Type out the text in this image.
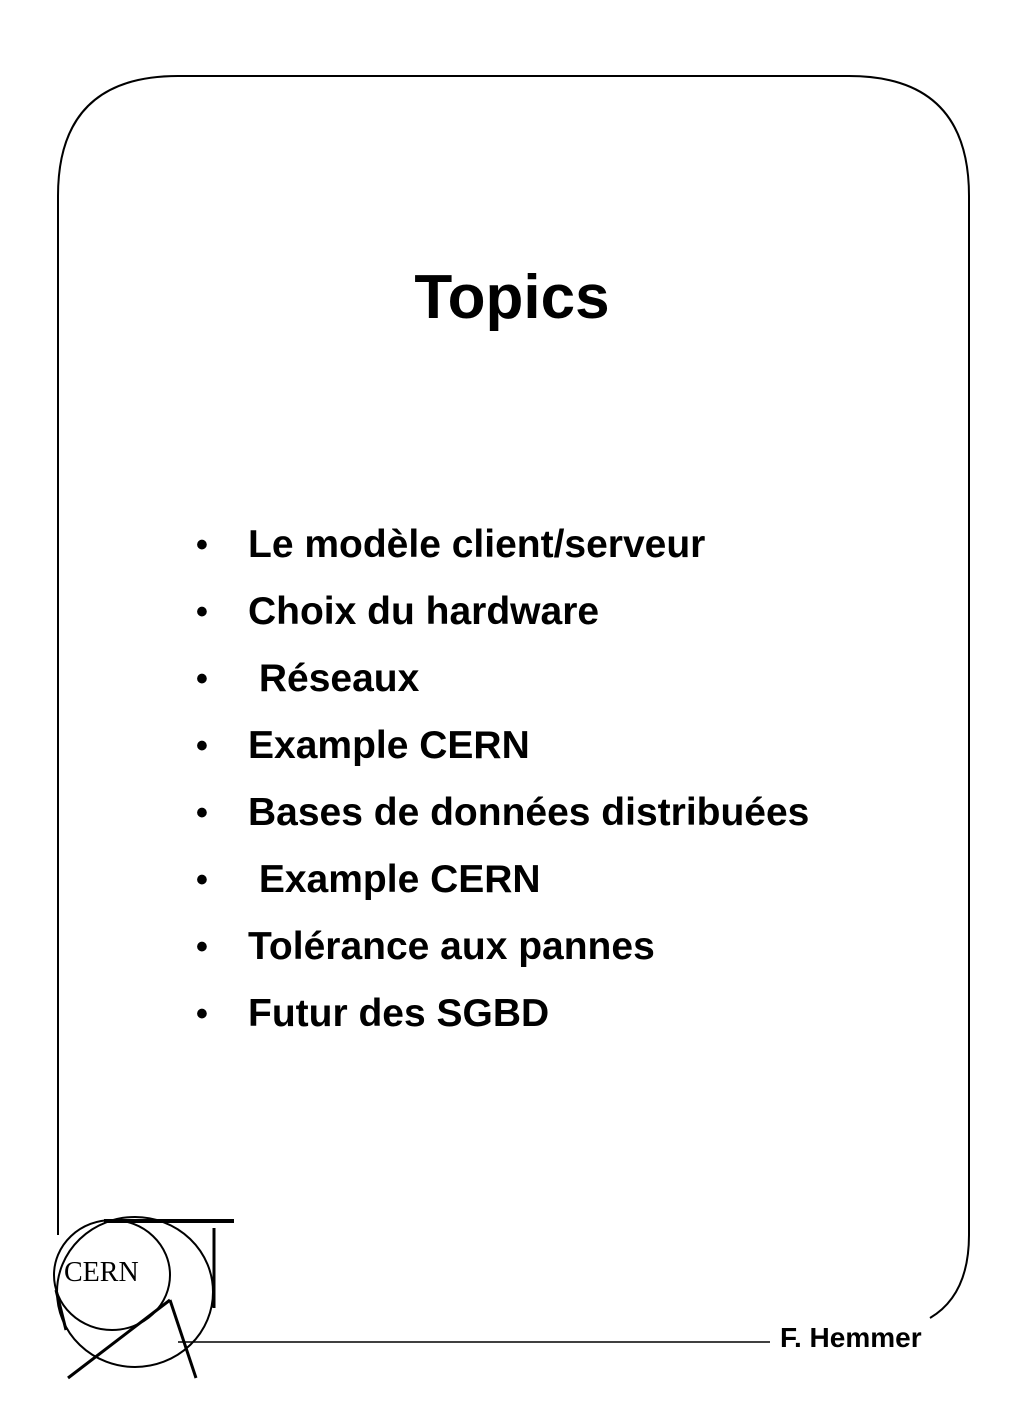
CERN
Topics

•

	Le modèle client/serveur

•

	Choix du hardware

•

	Réseaux

•

	Example CERN

•

	Bases de données distribuées

•

	Example CERN

•

	Tolérance aux pannes

•

	Futur des SGBD

F. Hemmer
